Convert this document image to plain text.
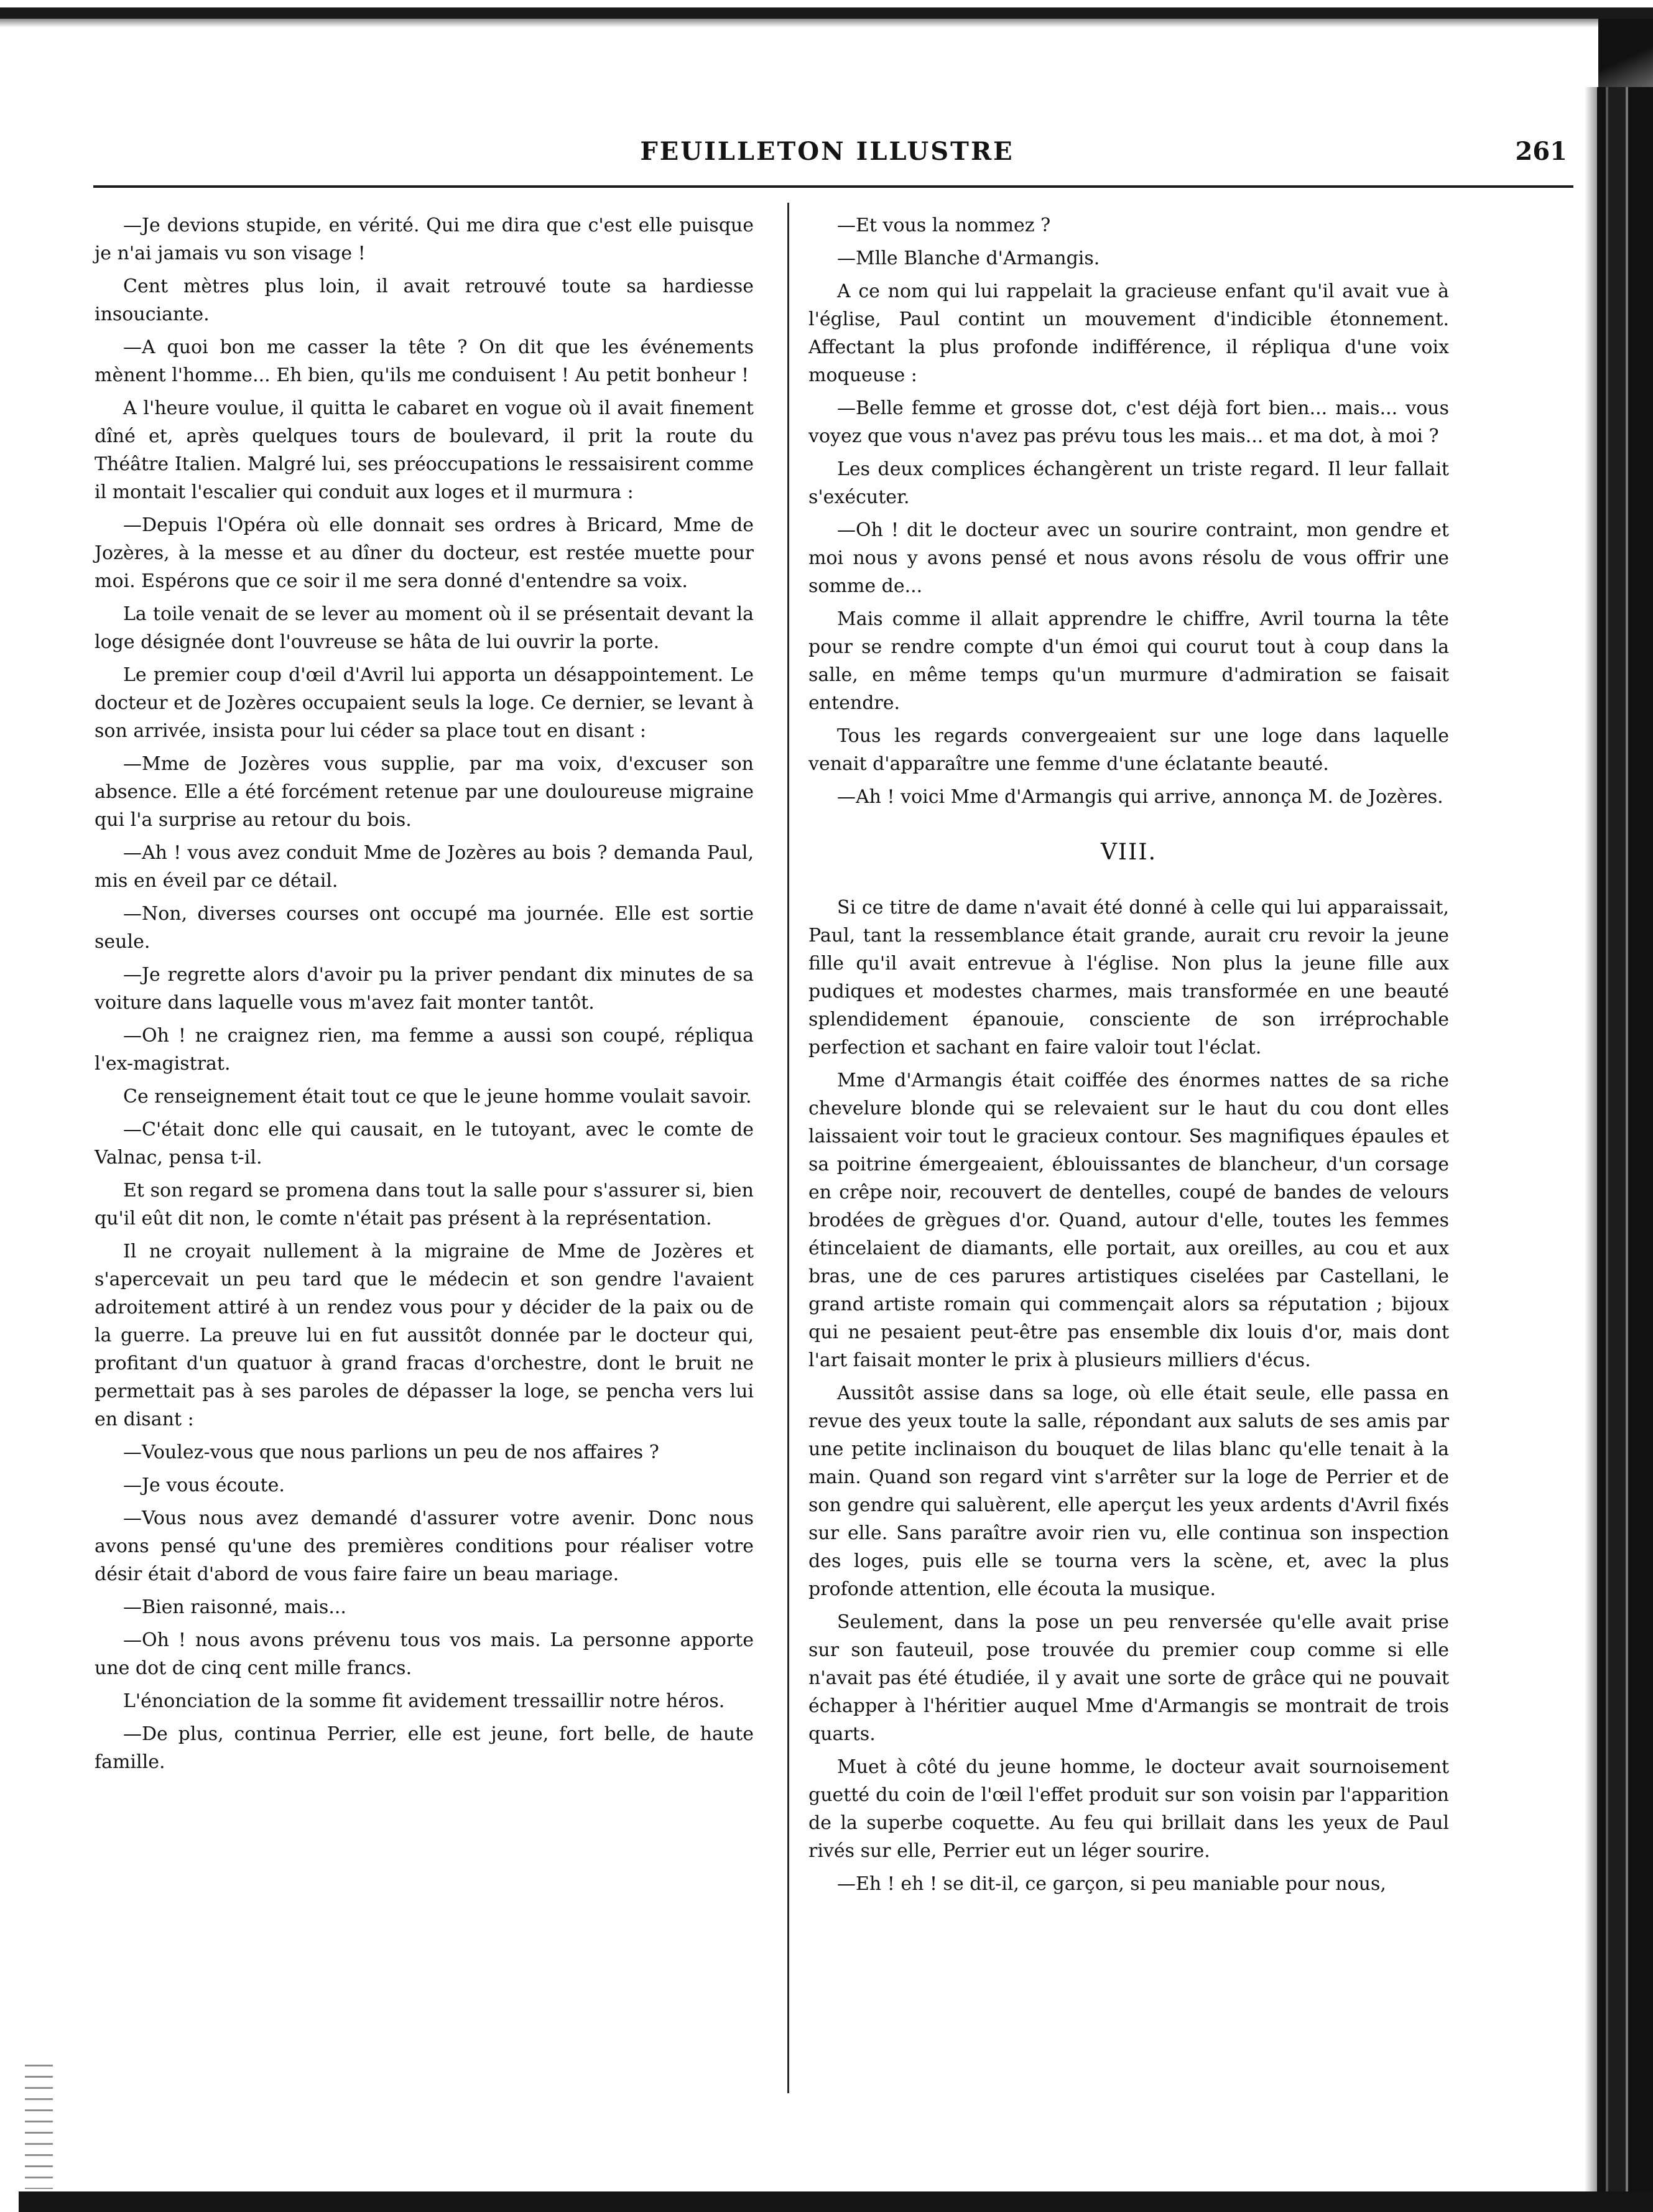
FEUILLETON ILLUSTRE	261

—Je devions stupide, en vérité. Qui me dira que c'est elle puisque je n'ai jamais vu son visage !

Cent mètres plus loin, il avait retrouvé toute sa hardiesse insouciante.

—A quoi bon me casser la tête ? On dit que les événements mènent l'homme... Eh bien, qu'ils me conduisent ! Au petit bonheur !

A l'heure voulue, il quitta le cabaret en vogue où il avait finement dîné et, après quelques tours de boulevard, il prit la route du Théâtre Italien. Malgré lui, ses préoccupations le ressaisirent comme il montait l'escalier qui conduit aux loges et il murmura :

—Depuis l'Opéra où elle donnait ses ordres à Bricard, Mme de Jozères, à la messe et au dîner du docteur, est restée muette pour moi. Espérons que ce soir il me sera donné d'entendre sa voix.

La toile venait de se lever au moment où il se présentait devant la loge désignée dont l'ouvreuse se hâta de lui ouvrir la porte.

Le premier coup d'œil d'Avril lui apporta un désappointement. Le docteur et de Jozères occupaient seuls la loge. Ce dernier, se levant à son arrivée, insista pour lui céder sa place tout en disant :

—Mme de Jozères vous supplie, par ma voix, d'excuser son absence. Elle a été forcément retenue par une douloureuse migraine qui l'a surprise au retour du bois.

—Ah ! vous avez conduit Mme de Jozères au bois ? demanda Paul, mis en éveil par ce détail.

—Non, diverses courses ont occupé ma journée. Elle est sortie seule.

—Je regrette alors d'avoir pu la priver pendant dix minutes de sa voiture dans laquelle vous m'avez fait monter tantôt.

—Oh ! ne craignez rien, ma femme a aussi son coupé, répliqua l'ex-magistrat.

Ce renseignement était tout ce que le jeune homme voulait savoir.

—C'était donc elle qui causait, en le tutoyant, avec le comte de Valnac, pensa t-il.

Et son regard se promena dans tout la salle pour s'assurer si, bien qu'il eût dit non, le comte n'était pas présent à la représentation.

Il ne croyait nullement à la migraine de Mme de Jozères et s'apercevait un peu tard que le médecin et son gendre l'avaient adroitement attiré à un rendez vous pour y décider de la paix ou de la guerre. La preuve lui en fut aussitôt donnée par le docteur qui, profitant d'un quatuor à grand fracas d'orchestre, dont le bruit ne permettait pas à ses paroles de dépasser la loge, se pencha vers lui en disant :

—Voulez-vous que nous parlions un peu de nos affaires ?

—Je vous écoute.

—Vous nous avez demandé d'assurer votre avenir. Donc nous avons pensé qu'une des premières conditions pour réaliser votre désir était d'abord de vous faire faire un beau mariage.

—Bien raisonné, mais...

—Oh ! nous avons prévenu tous vos mais. La personne apporte une dot de cinq cent mille francs.

L'énonciation de la somme fit avidement tressaillir notre héros.

—De plus, continua Perrier, elle est jeune, fort belle, de haute famille.

—Et vous la nommez ?

—Mlle Blanche d'Armangis.

A ce nom qui lui rappelait la gracieuse enfant qu'il avait vue à l'église, Paul contint un mouvement d'indicible étonnement. Affectant la plus profonde indifférence, il répliqua d'une voix moqueuse :

—Belle femme et grosse dot, c'est déjà fort bien... mais... vous voyez que vous n'avez pas prévu tous les mais... et ma dot, à moi ?

Les deux complices échangèrent un triste regard. Il leur fallait s'exécuter.

—Oh ! dit le docteur avec un sourire contraint, mon gendre et moi nous y avons pensé et nous avons résolu de vous offrir une somme de...

Mais comme il allait apprendre le chiffre, Avril tourna la tête pour se rendre compte d'un émoi qui courut tout à coup dans la salle, en même temps qu'un murmure d'admiration se faisait entendre.

Tous les regards convergeaient sur une loge dans laquelle venait d'apparaître une femme d'une éclatante beauté.

—Ah ! voici Mme d'Armangis qui arrive, annonça M. de Jozères.

VIII.

Si ce titre de dame n'avait été donné à celle qui lui apparaissait, Paul, tant la ressemblance était grande, aurait cru revoir la jeune fille qu'il avait entrevue à l'église. Non plus la jeune fille aux pudiques et modestes charmes, mais transformée en une beauté splendidement épanouie, consciente de son irréprochable perfection et sachant en faire valoir tout l'éclat.

Mme d'Armangis était coiffée des énormes nattes de sa riche chevelure blonde qui se relevaient sur le haut du cou dont elles laissaient voir tout le gracieux contour. Ses magnifiques épaules et sa poitrine émergeaient, éblouissantes de blancheur, d'un corsage en crêpe noir, recouvert de dentelles, coupé de bandes de velours brodées de grègues d'or. Quand, autour d'elle, toutes les femmes étincelaient de diamants, elle portait, aux oreilles, au cou et aux bras, une de ces parures artistiques ciselées par Castellani, le grand artiste romain qui commençait alors sa réputation ; bijoux qui ne pesaient peut-être pas ensemble dix louis d'or, mais dont l'art faisait monter le prix à plusieurs milliers d'écus.

Aussitôt assise dans sa loge, où elle était seule, elle passa en revue des yeux toute la salle, répondant aux saluts de ses amis par une petite inclinaison du bouquet de lilas blanc qu'elle tenait à la main. Quand son regard vint s'arrêter sur la loge de Perrier et de son gendre qui saluèrent, elle aperçut les yeux ardents d'Avril fixés sur elle. Sans paraître avoir rien vu, elle continua son inspection des loges, puis elle se tourna vers la scène, et, avec la plus profonde attention, elle écouta la musique.

Seulement, dans la pose un peu renversée qu'elle avait prise sur son fauteuil, pose trouvée du premier coup comme si elle n'avait pas été étudiée, il y avait une sorte de grâce qui ne pouvait échapper à l'héritier auquel Mme d'Armangis se montrait de trois quarts.

Muet à côté du jeune homme, le docteur avait sournoisement guetté du coin de l'œil l'effet produit sur son voisin par l'apparition de la superbe coquette. Au feu qui brillait dans les yeux de Paul rivés sur elle, Perrier eut un léger sourire.

—Eh ! eh ! se dit-il, ce garçon, si peu maniable pour nous,
